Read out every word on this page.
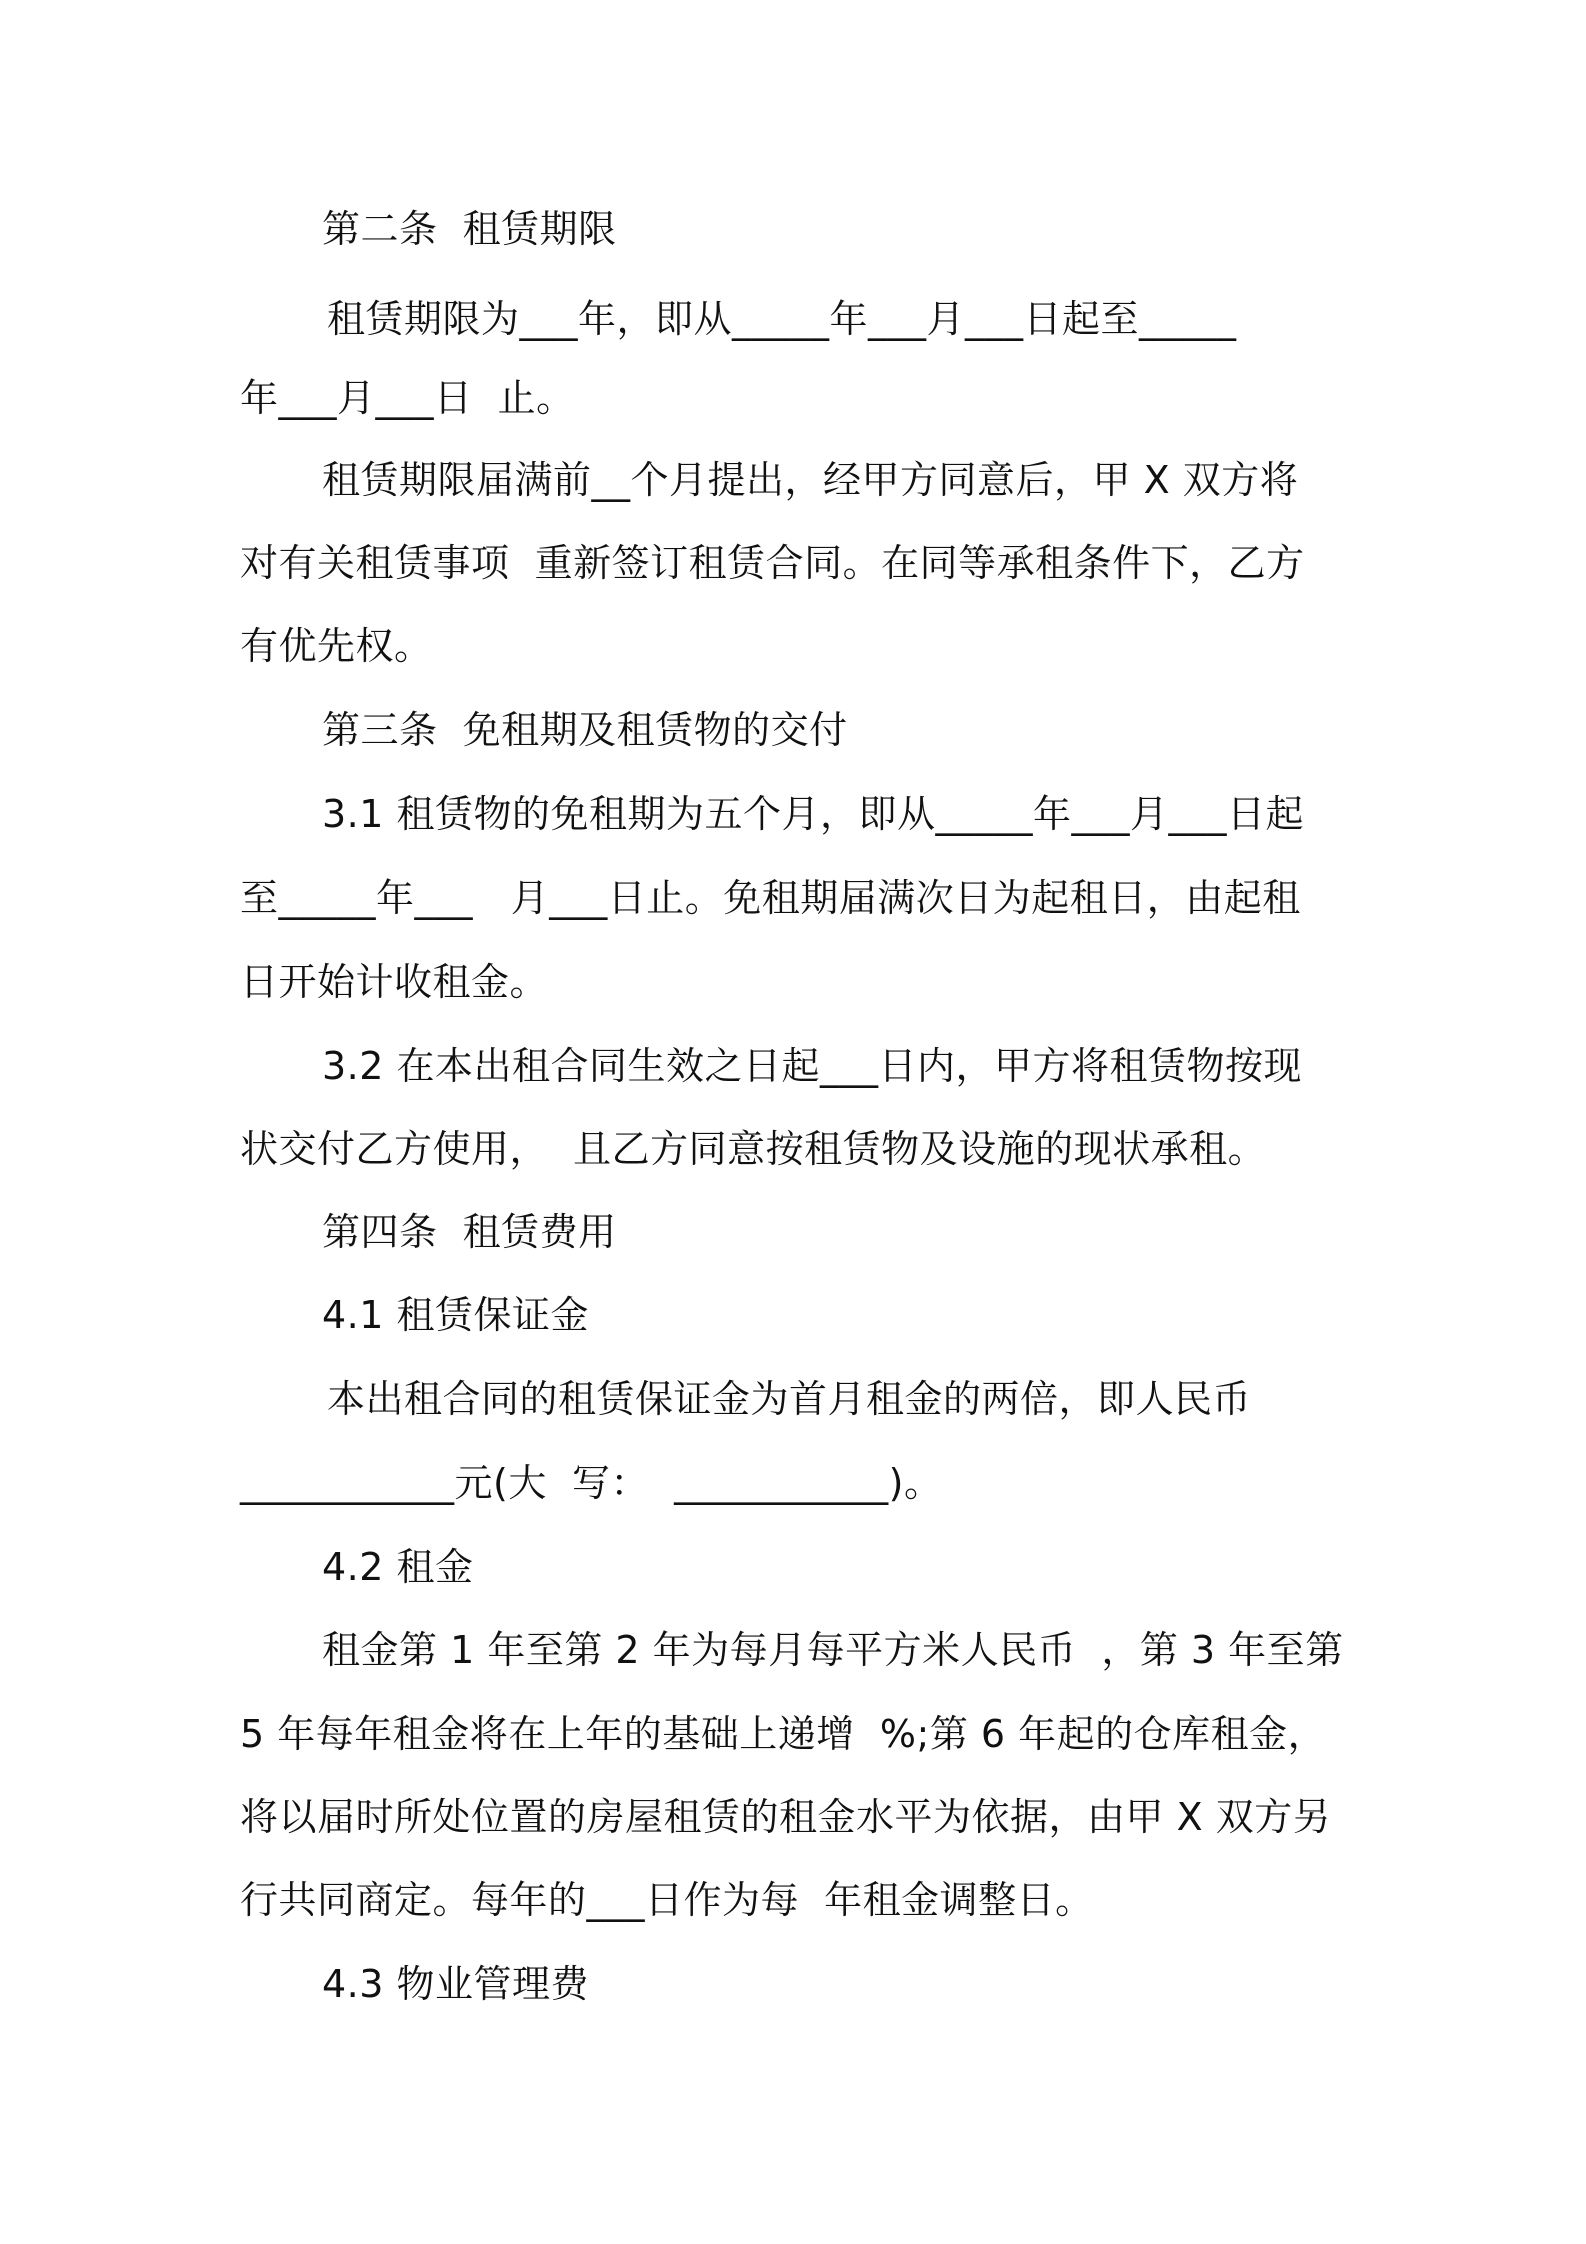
第二条  租赁期限
租赁期限为___年，即从_____年___月___日起至_____
年___月___日  止。
租赁期限届满前__个月提出，经甲方同意后，甲 X 双方将
对有关租赁事项  重新签订租赁合同。在同等承租条件下，乙方
有优先权。
第三条  免租期及租赁物的交付
3.1 租赁物的免租期为五个月，即从_____年___月___日起
至_____年___   月___日止。免租期届满次日为起租日，由起租
日开始计收租金。
3.2 在本出租合同生效之日起___日内，甲方将租赁物按现
状交付乙方使用，  且乙方同意按租赁物及设施的现状承租。
第四条  租赁费用
4.1 租赁保证金
本出租合同的租赁保证金为首月租金的两倍，即人民币
___________元(大  写：  ___________)。
4.2 租金
租金第 1 年至第 2 年为每月每平方米人民币  ，第 3 年至第
5 年每年租金将在上年的基础上递增  %;第 6 年起的仓库租金，
将以届时所处位置的房屋租赁的租金水平为依据，由甲 X 双方另
行共同商定。每年的___日作为每  年租金调整日。
4.3 物业管理费
